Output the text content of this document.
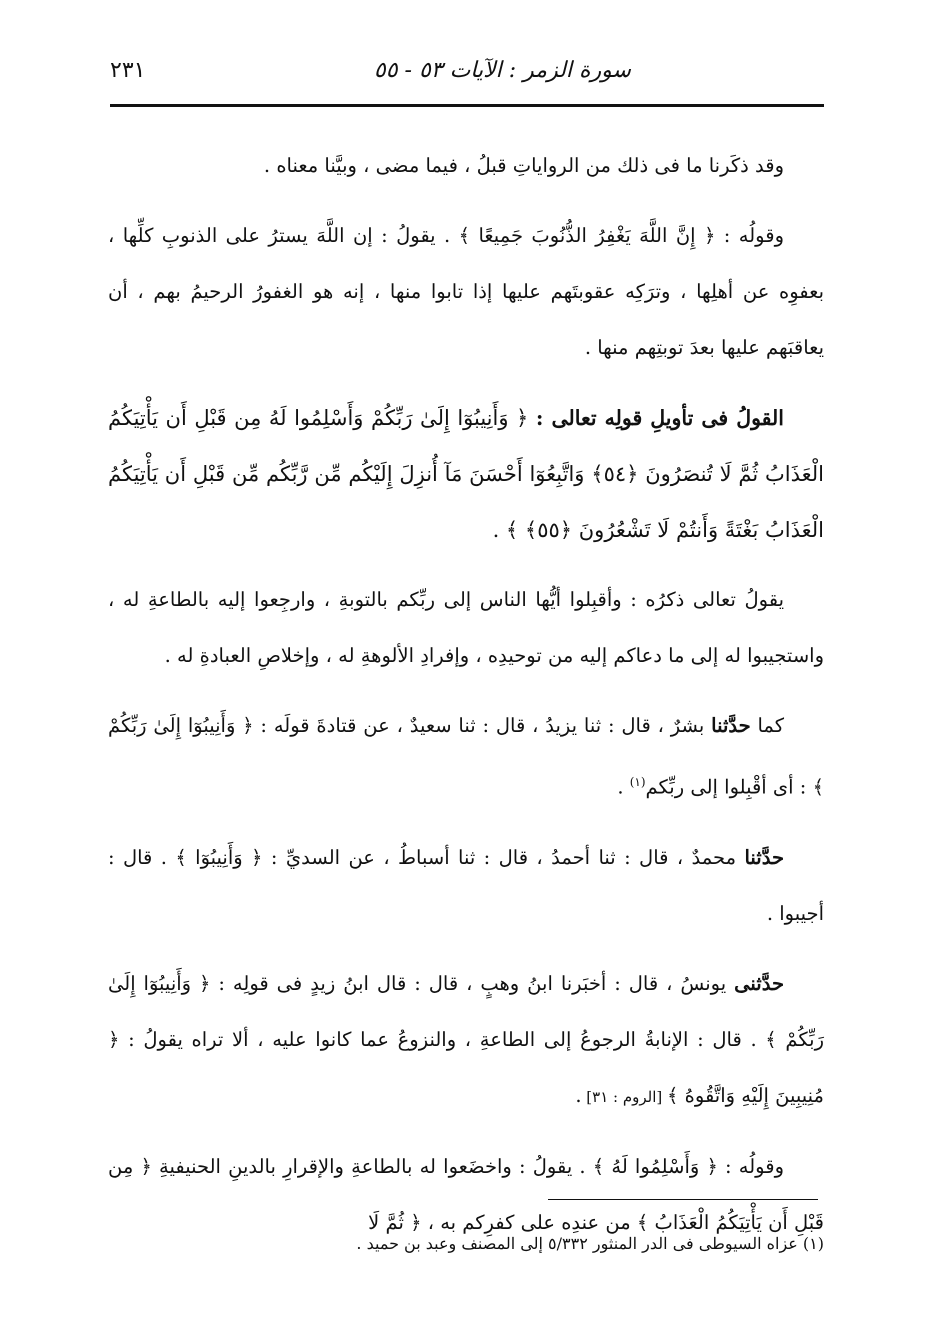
سورة الزمر : الآيات ٥٣ - ٥٥
٢٣١

وقد ذكَرنا ما فى ذلك من الرواياتِ قبلُ ، فيما مضى ، وبيَّنا معناه .

وقولُه : ﴿ إِنَّ اللَّهَ يَغْفِرُ الذُّنُوبَ جَمِيعًا ﴾ . يقولُ : إن اللَّهَ يسترُ على الذنوبِ كلِّها ، بعفوِه عن أهلِها ، وترَكِه عقوبتَهم عليها إذا تابوا منها ، إنه هو الغفورُ الرحيمُ بهم ، أن يعاقبَهم عليها بعدَ توبتِهم منها .

القولُ فى تأويلِ قولِه تعالى : ﴿ وَأَنِيبُوٓا إِلَىٰ رَبِّكُمْ وَأَسْلِمُوا لَهُ مِن قَبْلِ أَن يَأْتِيَكُمُ الْعَذَابُ ثُمَّ لَا تُنصَرُونَ ﴿٥٤﴾ وَاتَّبِعُوٓا أَحْسَنَ مَآ أُنزِلَ إِلَيْكُم مِّن رَّبِّكُم مِّن قَبْلِ أَن يَأْتِيَكُمُ الْعَذَابُ بَغْتَةً وَأَنتُمْ لَا تَشْعُرُونَ ﴿٥٥﴾ ﴾ .

يقولُ تعالى ذكرُه : وأقبِلوا أيُّها الناس إلى ربِّكم بالتوبةِ ، وارجِعوا إليه بالطاعةِ له ، واستجيبوا له إلى ما دعاكم إليه من توحيدِه ، وإفرادِ الألوهةِ له ، وإخلاصِ العبادةِ له .

كما حدَّثنا بشرٌ ، قال : ثنا يزيدُ ، قال : ثنا سعيدٌ ، عن قتادةَ قولَه : ﴿ وَأَنِيبُوٓا إِلَىٰ رَبِّكُمْ ﴾ : أى أقْبِلوا إلى ربِّكم$^{(١)}$ .

حدَّثنا محمدٌ ، قال : ثنا أحمدُ ، قال : ثنا أسباطُ ، عن السديِّ : ﴿ وَأَنِيبُوٓا ﴾ . قال : أجيبوا .

حدَّثنى يونسُ ، قال : أخبَرنا ابنُ وهبٍ ، قال : قال ابنُ زيدٍ فى قولِه : ﴿ وَأَنِيبُوٓا إِلَىٰ رَبِّكُمْ ﴾ . قال : الإنابةُ الرجوعُ إلى الطاعةِ ، والنزوعُ عما كانوا عليه ، ألا تراه يقولُ : ﴿ مُنِيبِينَ إِلَيْهِ وَاتَّقُوهُ ﴾ [الروم : ٣١] .

وقولُه : ﴿ وَأَسْلِمُوا لَهُ ﴾ . يقولُ : واخضَعوا له بالطاعةِ والإقرارِ بالدينِ الحنيفيةِ ﴿ مِن قَبْلِ أَن يَأْتِيَكُمُ الْعَذَابُ ﴾ من عندِه على كفرِكم به ، ﴿ ثُمَّ لَا

(١) عزاه السيوطى فى الدر المنثور ٥/٣٣٢ إلى المصنف وعبد بن حميد .
